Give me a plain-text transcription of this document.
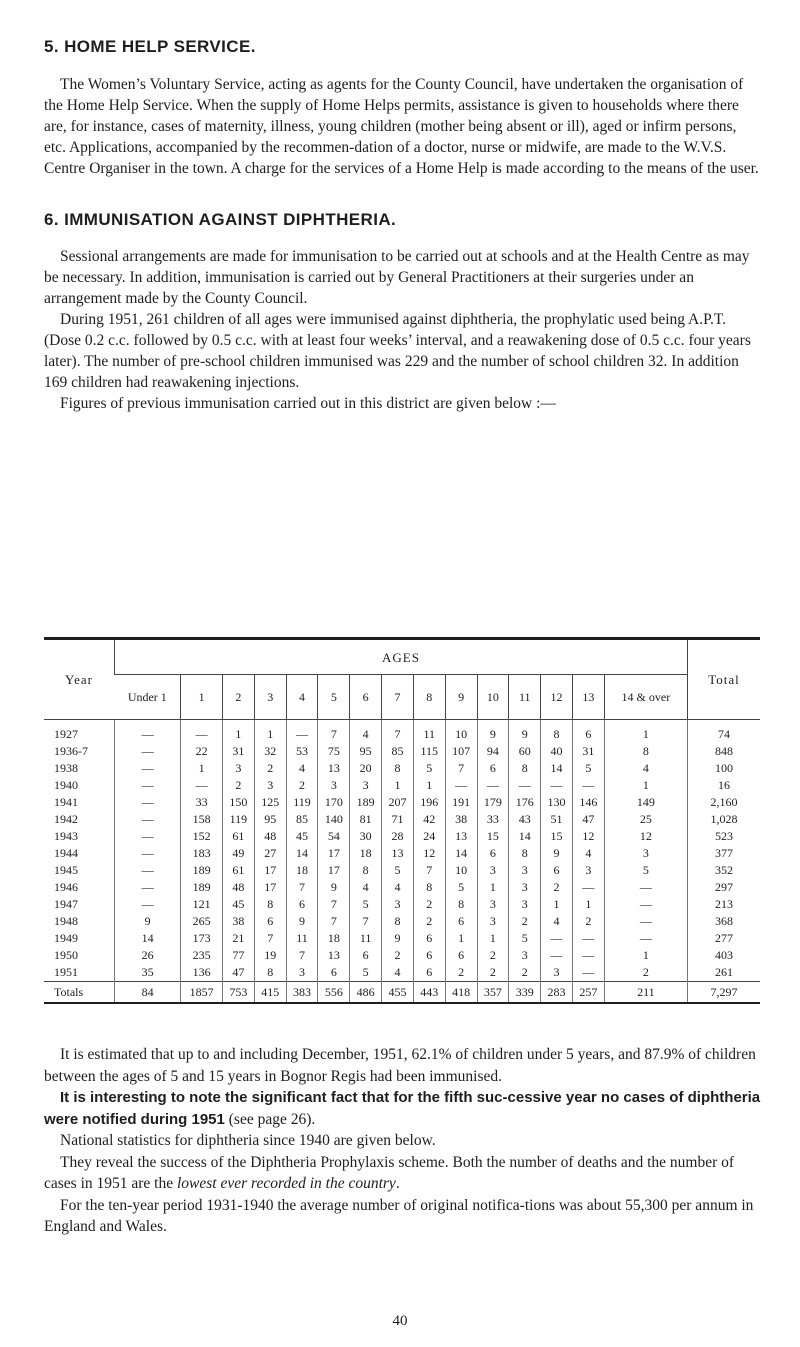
5. HOME HELP SERVICE.

The Women’s Voluntary Service, acting as agents for the County Council, have undertaken the organisation of the Home Help Service. When the supply of Home Helps permits, assistance is given to households where there are, for instance, cases of maternity, illness, young children (mother being absent or ill), aged or infirm persons, etc. Applications, accompanied by the recommen-dation of a doctor, nurse or midwife, are made to the W.V.S. Centre Organiser in the town. A charge for the services of a Home Help is made according to the means of the user.

6. IMMUNISATION AGAINST DIPHTHERIA.

Sessional arrangements are made for immunisation to be carried out at schools and at the Health Centre as may be necessary. In addition, immunisation is carried out by General Practitioners at their surgeries under an arrangement made by the County Council.

During 1951, 261 children of all ages were immunised against diphtheria, the prophylatic used being A.P.T. (Dose 0.2 c.c. followed by 0.5 c.c. with at least four weeks’ interval, and a reawakening dose of 0.5 c.c. four years later). The number of pre-school children immunised was 229 and the number of school children 32. In addition 169 children had reawakening injections.

Figures of previous immunisation carried out in this district are given below :—

Year	AGES															Total
	Under 1	1	2	3	4	5	6	7	8	9	10	11	12	13	14 & over	
1927	—	—	1	1	—	7	4	7	11	10	9	9	8	6	1	74
1936-7	—	22	31	32	53	75	95	85	115	107	94	60	40	31	8	848
1938	—	1	3	2	4	13	20	8	5	7	6	8	14	5	4	100
1940	—	—	2	3	2	3	3	1	1	—	—	—	—	—	1	16
1941	—	33	150	125	119	170	189	207	196	191	179	176	130	146	149	2,160
1942	—	158	119	95	85	140	81	71	42	38	33	43	51	47	25	1,028
1943	—	152	61	48	45	54	30	28	24	13	15	14	15	12	12	523
1944	—	183	49	27	14	17	18	13	12	14	6	8	9	4	3	377
1945	—	189	61	17	18	17	8	5	7	10	3	3	6	3	5	352
1946	—	189	48	17	7	9	4	4	8	5	1	3	2	—	—	297
1947	—	121	45	8	6	7	5	3	2	8	3	3	1	1	—	213
1948	9	265	38	6	9	7	7	8	2	6	3	2	4	2	—	368
1949	14	173	21	7	11	18	11	9	6	1	1	5	—	—	—	277
1950	26	235	77	19	7	13	6	2	6	6	2	3	—	—	1	403
1951	35	136	47	8	3	6	5	4	6	2	2	2	3	—	2	261
Totals	84	1857	753	415	383	556	486	455	443	418	357	339	283	257	211	7,297

It is estimated that up to and including December, 1951, 62.1% of children under 5 years, and 87.9% of children between the ages of 5 and 15 years in Bognor Regis had been immunised.

It is interesting to note the significant fact that for the fifth suc-cessive year no cases of diphtheria were notified during 1951 (see page 26).

National statistics for diphtheria since 1940 are given below.

They reveal the success of the Diphtheria Prophylaxis scheme. Both the number of deaths and the number of cases in 1951 are the lowest ever recorded in the country.

For the ten-year period 1931-1940 the average number of original notifica-tions was about 55,300 per annum in England and Wales.

40
